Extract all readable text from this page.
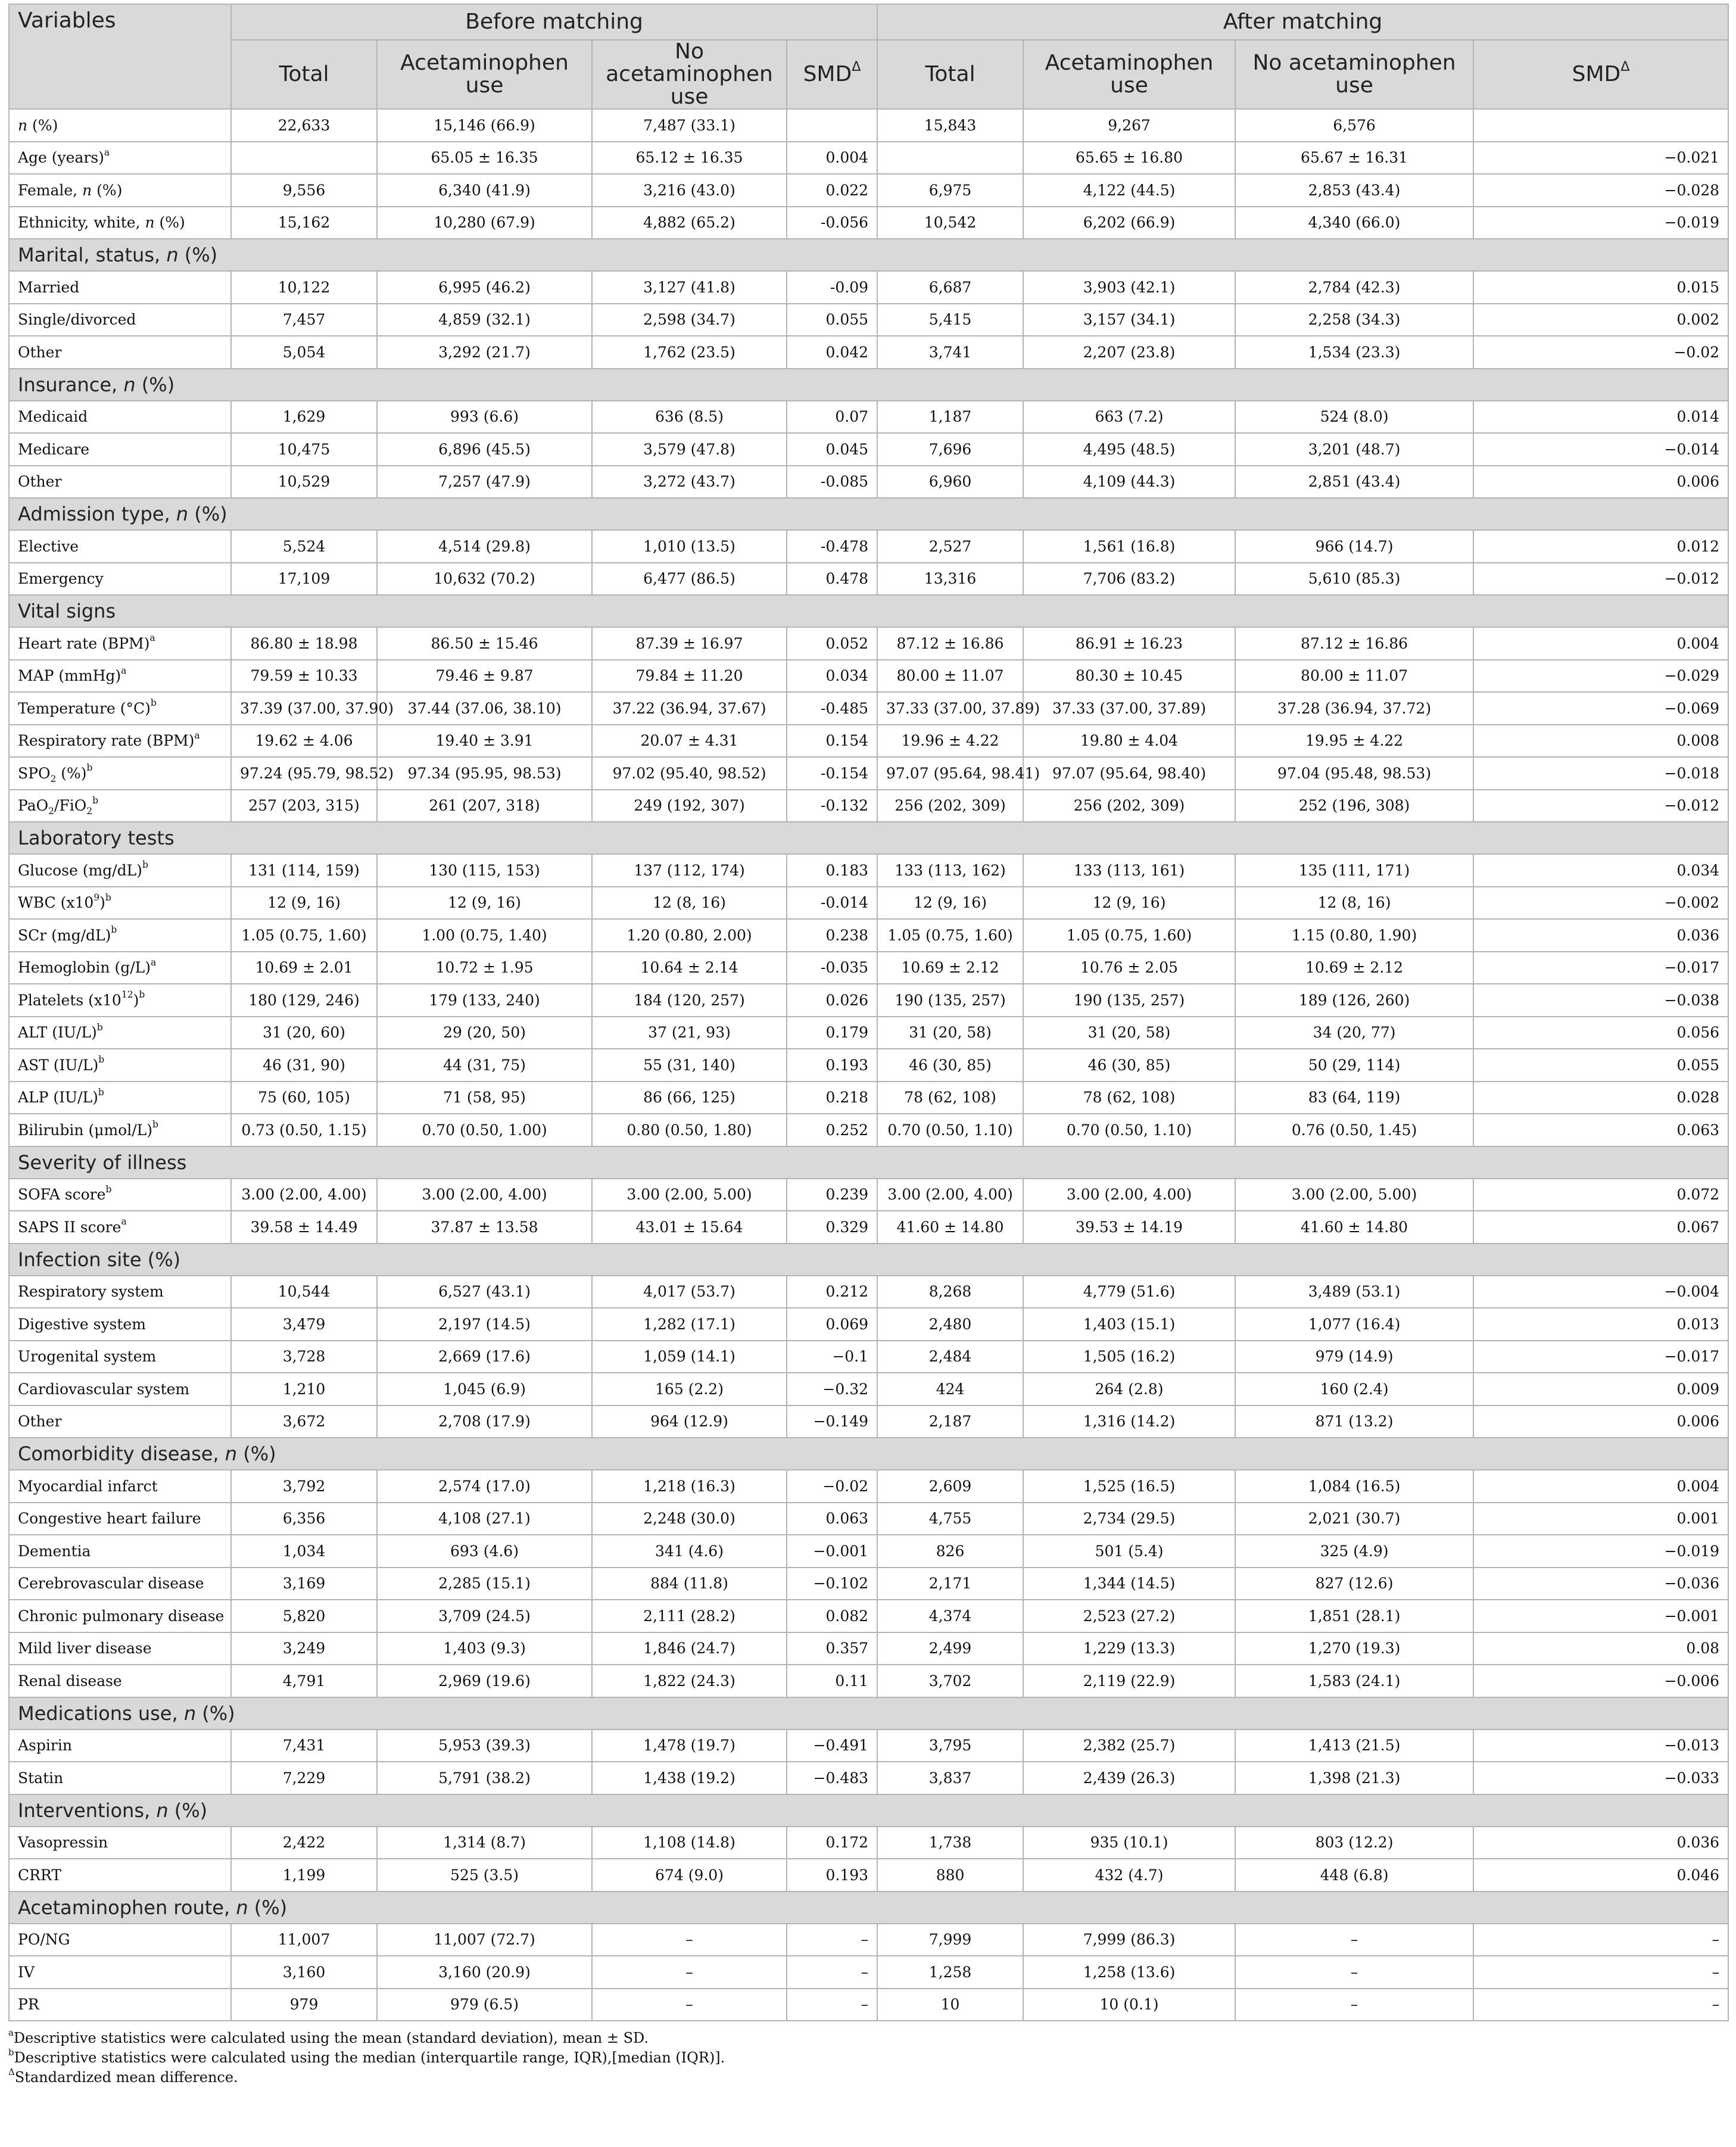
Variables	Before matching				After matching			
	Total	Acetaminophen use	No acetaminophen use	$SMD^\Delta$	Total	Acetaminophen use	No acetaminophen use	$SMD^\Delta$
n (%)	22,633	15,146 (66.9)	7,487 (33.1)		15,843	9,267	6,576	
Age (years)$^a$		65.05 ± 16.35	65.12 ± 16.35	0.004		65.65 ± 16.80	65.67 ± 16.31	−0.021
Female, n (%)	9,556	6,340 (41.9)	3,216 (43.0)	0.022	6,975	4,122 (44.5)	2,853 (43.4)	−0.028
Ethnicity, white, n (%)	15,162	10,280 (67.9)	4,882 (65.2)	-0.056	10,542	6,202 (66.9)	4,340 (66.0)	−0.019
Marital, status, n (%)								
Married	10,122	6,995 (46.2)	3,127 (41.8)	-0.09	6,687	3,903 (42.1)	2,784 (42.3)	0.015
Single/divorced	7,457	4,859 (32.1)	2,598 (34.7)	0.055	5,415	3,157 (34.1)	2,258 (34.3)	0.002
Other	5,054	3,292 (21.7)	1,762 (23.5)	0.042	3,741	2,207 (23.8)	1,534 (23.3)	−0.02
Insurance, n (%)								
Medicaid	1,629	993 (6.6)	636 (8.5)	0.07	1,187	663 (7.2)	524 (8.0)	0.014
Medicare	10,475	6,896 (45.5)	3,579 (47.8)	0.045	7,696	4,495 (48.5)	3,201 (48.7)	−0.014
Other	10,529	7,257 (47.9)	3,272 (43.7)	-0.085	6,960	4,109 (44.3)	2,851 (43.4)	0.006
Admission type, n (%)								
Elective	5,524	4,514 (29.8)	1,010 (13.5)	-0.478	2,527	1,561 (16.8)	966 (14.7)	0.012
Emergency	17,109	10,632 (70.2)	6,477 (86.5)	0.478	13,316	7,706 (83.2)	5,610 (85.3)	−0.012
Vital signs								
Heart rate (BPM)$^a$	86.80 ± 18.98	86.50 ± 15.46	87.39 ± 16.97	0.052	87.12 ± 16.86	86.91 ± 16.23	87.12 ± 16.86	0.004
MAP (mmHg)$^a$	79.59 ± 10.33	79.46 ± 9.87	79.84 ± 11.20	0.034	80.00 ± 11.07	80.30 ± 10.45	80.00 ± 11.07	−0.029
Temperature $(^\circ C)^b$	37.39 (37.00, 37.90)	37.44 (37.06, 38.10)	37.22 (36.94, 37.67)	-0.485	37.33 (37.00, 37.89)	37.33 (37.00, 37.89)	37.28 (36.94, 37.72)	−0.069
Respiratory rate (BPM)$^a$	19.62 ± 4.06	19.40 ± 3.91	20.07 ± 4.31	0.154	19.96 ± 4.22	19.80 ± 4.04	19.95 ± 4.22	0.008
$SPO_2$ (%)$^b$	97.24 (95.79, 98.52)	97.34 (95.95, 98.53)	97.02 (95.40, 98.52)	-0.154	97.07 (95.64, 98.41)	97.07 (95.64, 98.40)	97.04 (95.48, 98.53)	−0.018
PaO$_2$/FiO$_2^b$	257 (203, 315)	261 (207, 318)	249 (192, 307)	-0.132	256 (202, 309)	256 (202, 309)	252 (196, 308)	−0.012
Laboratory tests								
Glucose $(mg/dL)^b$	131 (114, 159)	130 (115, 153)	137 (112, 174)	0.183	133 (113, 162)	133 (113, 161)	135 (111, 171)	0.034
WBC $(x10^9)^b$	12 (9, 16)	12 (9, 16)	12 (8, 16)	-0.014	12 (9, 16)	12 (9, 16)	12 (8, 16)	−0.002
SCr $(mg/dL)^b$	1.05 (0.75, 1.60)	1.00 (0.75, 1.40)	1.20 (0.80, 2.00)	0.238	1.05 (0.75, 1.60)	1.05 (0.75, 1.60)	1.15 (0.80, 1.90)	0.036
Hemoglobin $(g/L)^a$	10.69 ± 2.01	10.72 ± 1.95	10.64 ± 2.14	-0.035	10.69 ± 2.12	10.76 ± 2.05	10.69 ± 2.12	−0.017
Platelets $(x10^{12})^b$	180 (129, 246)	179 (133, 240)	184 (120, 257)	0.026	190 (135, 257)	190 (135, 257)	189 (126, 260)	−0.038
ALT $(IU/L)^b$	31 (20, 60)	29 (20, 50)	37 (21, 93)	0.179	31 (20, 58)	31 (20, 58)	34 (20, 77)	0.056
AST $(IU/L)^b$	46 (31, 90)	44 (31, 75)	55 (31, 140)	0.193	46 (30, 85)	46 (30, 85)	50 (29, 114)	0.055
ALP $(IU/L)^b$	75 (60, 105)	71 (58, 95)	86 (66, 125)	0.218	78 (62, 108)	78 (62, 108)	83 (64, 119)	0.028
Bilirubin $(\mu mol/L)^b$	0.73 (0.50, 1.15)	0.70 (0.50, 1.00)	0.80 (0.50, 1.80)	0.252	0.70 (0.50, 1.10)	0.70 (0.50, 1.10)	0.76 (0.50, 1.45)	0.063
Severity of illness								
SOFA score$^b$	3.00 (2.00, 4.00)	3.00 (2.00, 4.00)	3.00 (2.00, 5.00)	0.239	3.00 (2.00, 4.00)	3.00 (2.00, 4.00)	3.00 (2.00, 5.00)	0.072
SAPS II score$^a$	39.58 ± 14.49	37.87 ± 13.58	43.01 ± 15.64	0.329	41.60 ± 14.80	39.53 ± 14.19	41.60 ± 14.80	0.067
Infection site (%)								
Respiratory system	10,544	6,527 (43.1)	4,017 (53.7)	0.212	8,268	4,779 (51.6)	3,489 (53.1)	−0.004
Digestive system	3,479	2,197 (14.5)	1,282 (17.1)	0.069	2,480	1,403 (15.1)	1,077 (16.4)	0.013
Urogenital system	3,728	2,669 (17.6)	1,059 (14.1)	−0.1	2,484	1,505 (16.2)	979 (14.9)	−0.017
Cardiovascular system	1,210	1,045 (6.9)	165 (2.2)	−0.32	424	264 (2.8)	160 (2.4)	0.009
Other	3,672	2,708 (17.9)	964 (12.9)	−0.149	2,187	1,316 (14.2)	871 (13.2)	0.006
Comorbidity disease, n (%)								
Myocardial infarct	3,792	2,574 (17.0)	1,218 (16.3)	−0.02	2,609	1,525 (16.5)	1,084 (16.5)	0.004
Congestive heart failure	6,356	4,108 (27.1)	2,248 (30.0)	0.063	4,755	2,734 (29.5)	2,021 (30.7)	0.001
Dementia	1,034	693 (4.6)	341 (4.6)	−0.001	826	501 (5.4)	325 (4.9)	−0.019
Cerebrovascular disease	3,169	2,285 (15.1)	884 (11.8)	−0.102	2,171	1,344 (14.5)	827 (12.6)	−0.036
Chronic pulmonary disease	5,820	3,709 (24.5)	2,111 (28.2)	0.082	4,374	2,523 (27.2)	1,851 (28.1)	−0.001
Mild liver disease	3,249	1,403 (9.3)	1,846 (24.7)	0.357	2,499	1,229 (13.3)	1,270 (19.3)	0.08
Renal disease	4,791	2,969 (19.6)	1,822 (24.3)	0.11	3,702	2,119 (22.9)	1,583 (24.1)	−0.006
Medications use, n (%)								
Aspirin	7,431	5,953 (39.3)	1,478 (19.7)	−0.491	3,795	2,382 (25.7)	1,413 (21.5)	−0.013
Statin	7,229	5,791 (38.2)	1,438 (19.2)	−0.483	3,837	2,439 (26.3)	1,398 (21.3)	−0.033
Interventions, n (%)								
Vasopressin	2,422	1,314 (8.7)	1,108 (14.8)	0.172	1,738	935 (10.1)	803 (12.2)	0.036
CRRT	1,199	525 (3.5)	674 (9.0)	0.193	880	432 (4.7)	448 (6.8)	0.046
Acetaminophen route, n (%)								
PO/NG	11,007	11,007 (72.7)	–	–	7,999	7,999 (86.3)	–	–
IV	3,160	3,160 (20.9)	–	–	1,258	1,258 (13.6)	–	–
PR	979	979 (6.5)	–	–	10	10 (0.1)	–	–
$^a$Descriptive statistics were calculated using the mean (standard deviation), mean ± SD.
$^b$Descriptive statistics were calculated using the median (interquartile range, IQR),[median (IQR)].
$^\Delta$Standardized mean difference.
